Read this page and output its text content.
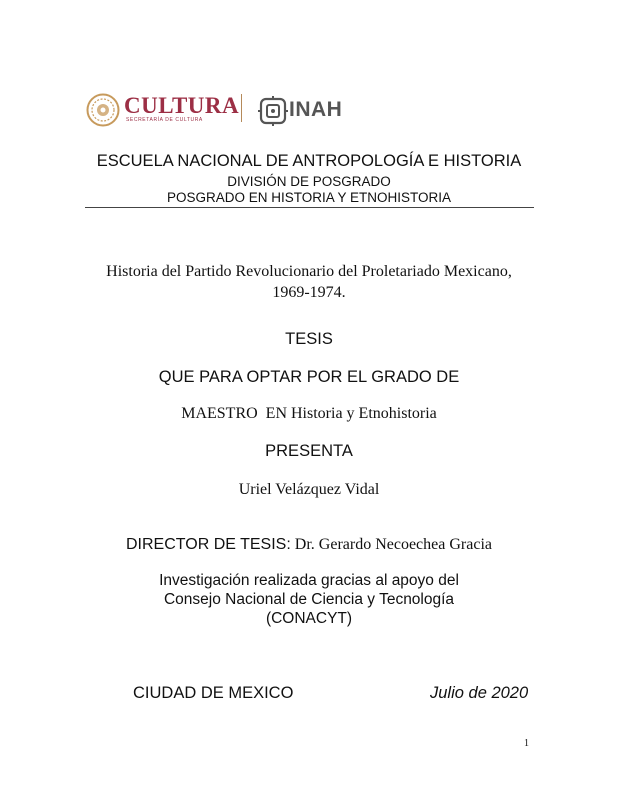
CULTURA
SECRETARÍA DE CULTURA	INAH
ESCUELA NACIONAL DE ANTROPOLOGÍA E HISTORIA
DIVISIÓN DE POSGRADO
POSGRADO EN HISTORIA Y ETNOHISTORIA
Historia del Partido Revolucionario del Proletariado Mexicano,
1969-1974.
TESIS
QUE PARA OPTAR POR EL GRADO DE
MAESTRO  EN Historia y Etnohistoria
PRESENTA
Uriel Velázquez Vidal
DIRECTOR DE TESIS: Dr. Gerardo Necoechea Gracia
Investigación realizada gracias al apoyo del
Consejo Nacional de Ciencia y Tecnología
(CONACYT)
CIUDAD DE MEXICO	Julio de 2020
1
